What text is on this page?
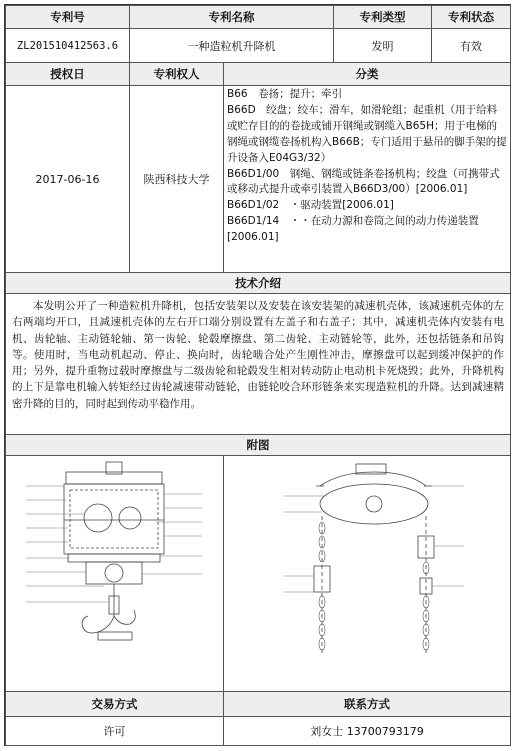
专利号	专利名称		专利类型	专利状态
ZL201510412563.6	一种造粒机升降机		发明	有效
授权日	专利权人	分类		
2017-06-16	陕西科技大学	B66　卷扬；提升；牵引
B66D　绞盘；绞车；滑车，如滑轮组；起重机（用于给料或贮存目的的卷拢或铺开钢绳或钢缆入B65H；用于电梯的钢绳或钢缆卷扬机构入B66B；专门适用于悬吊的脚手架的提升设备入E04G3/32）
B66D1/00　钢绳、钢缆或链条卷扬机构；绞盘（可携带式或移动式提升或牵引装置入B66D3/00）[2006.01]
B66D1/02　・驱动装置[2006.01]
B66D1/14　・・在动力源和卷筒之间的动力传递装置[2006.01]		

技术介绍				

本发明公开了一种造粒机升降机，包括安装架以及安装在该安装架的减速机壳体，该减速机壳体的左右两端均开口，且减速机壳体的左右开口端分别设置有左盖子和右盖子；其中，减速机壳体内安装有电机、齿轮轴、主动链轮轴、第一齿轮、轮毂摩擦盘、第二齿轮、主动链轮等，此外，还包括链条和吊钩等。使用时，当电动机起动、停止、换向时，齿轮啮合处产生刚性冲击，摩擦盘可以起到缓冲保护的作用；另外，提升重物过载时摩擦盘与二级齿轮和轮毂发生相对转动防止电动机卡死烧毁；此外，升降机构的上下是靠电机输入转矩经过齿轮减速带动链轮，由链轮咬合环形链条来实现造粒机的升降。达到减速精密升降的目的，同时起到传动平稳作用。				

附图				

交易方式		联系方式		
许可		刘女士 13700793179		
